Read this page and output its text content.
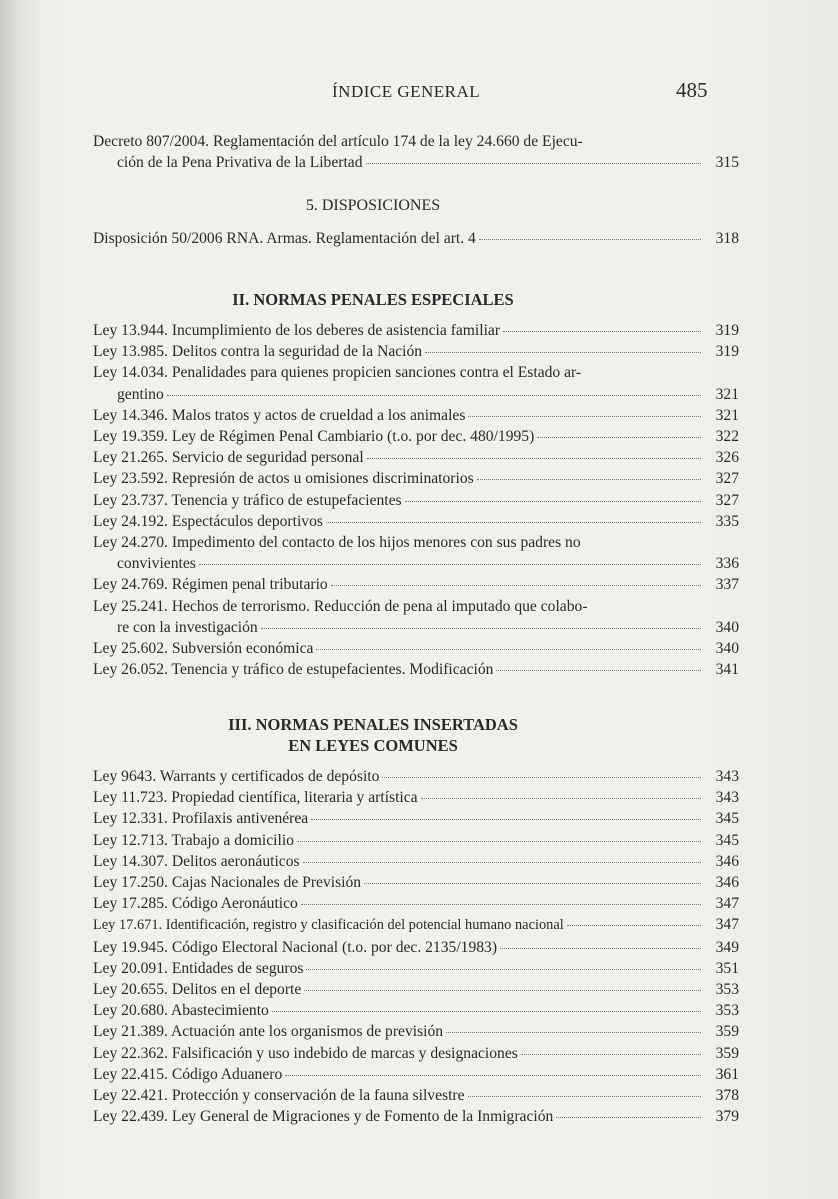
ÍNDICE GENERAL	485
Decreto 807/2004. Reglamentación del artículo 174 de la ley 24.660 de Ejecu-
ción de la Pena Privativa de la Libertad	315
5. DISPOSICIONES
Disposición 50/2006 RNA. Armas. Reglamentación del art. 4	318
II. NORMAS PENALES ESPECIALES
Ley 13.944. Incumplimiento de los deberes de asistencia familiar	319
Ley 13.985. Delitos contra la seguridad de la Nación	319
Ley 14.034. Penalidades para quienes propicien sanciones contra el Estado ar-
gentino	321
Ley 14.346. Malos tratos y actos de crueldad a los animales	321
Ley 19.359. Ley de Régimen Penal Cambiario (t.o. por dec. 480/1995)	322
Ley 21.265. Servicio de seguridad personal	326
Ley 23.592. Represión de actos u omisiones discriminatorios	327
Ley 23.737. Tenencia y tráfico de estupefacientes	327
Ley 24.192. Espectáculos deportivos	335
Ley 24.270. Impedimento del contacto de los hijos menores con sus padres no
convivientes	336
Ley 24.769. Régimen penal tributario	337
Ley 25.241. Hechos de terrorismo. Reducción de pena al imputado que colabo-
re con la investigación	340
Ley 25.602. Subversión económica	340
Ley 26.052. Tenencia y tráfico de estupefacientes. Modificación	341
III. NORMAS PENALES INSERTADAS
EN LEYES COMUNES
Ley 9643. Warrants y certificados de depósito	343
Ley 11.723. Propiedad científica, literaria y artística	343
Ley 12.331. Profilaxis antivenérea	345
Ley 12.713. Trabajo a domicilio	345
Ley 14.307. Delitos aeronáuticos	346
Ley 17.250. Cajas Nacionales de Previsión	346
Ley 17.285. Código Aeronáutico	347
Ley 17.671. Identificación, registro y clasificación del potencial humano nacional	347
Ley 19.945. Código Electoral Nacional (t.o. por dec. 2135/1983)	349
Ley 20.091. Entidades de seguros	351
Ley 20.655. Delitos en el deporte	353
Ley 20.680. Abastecimiento	353
Ley 21.389. Actuación ante los organismos de previsión	359
Ley 22.362. Falsificación y uso indebido de marcas y designaciones	359
Ley 22.415. Código Aduanero	361
Ley 22.421. Protección y conservación de la fauna silvestre	378
Ley 22.439. Ley General de Migraciones y de Fomento de la Inmigración	379
